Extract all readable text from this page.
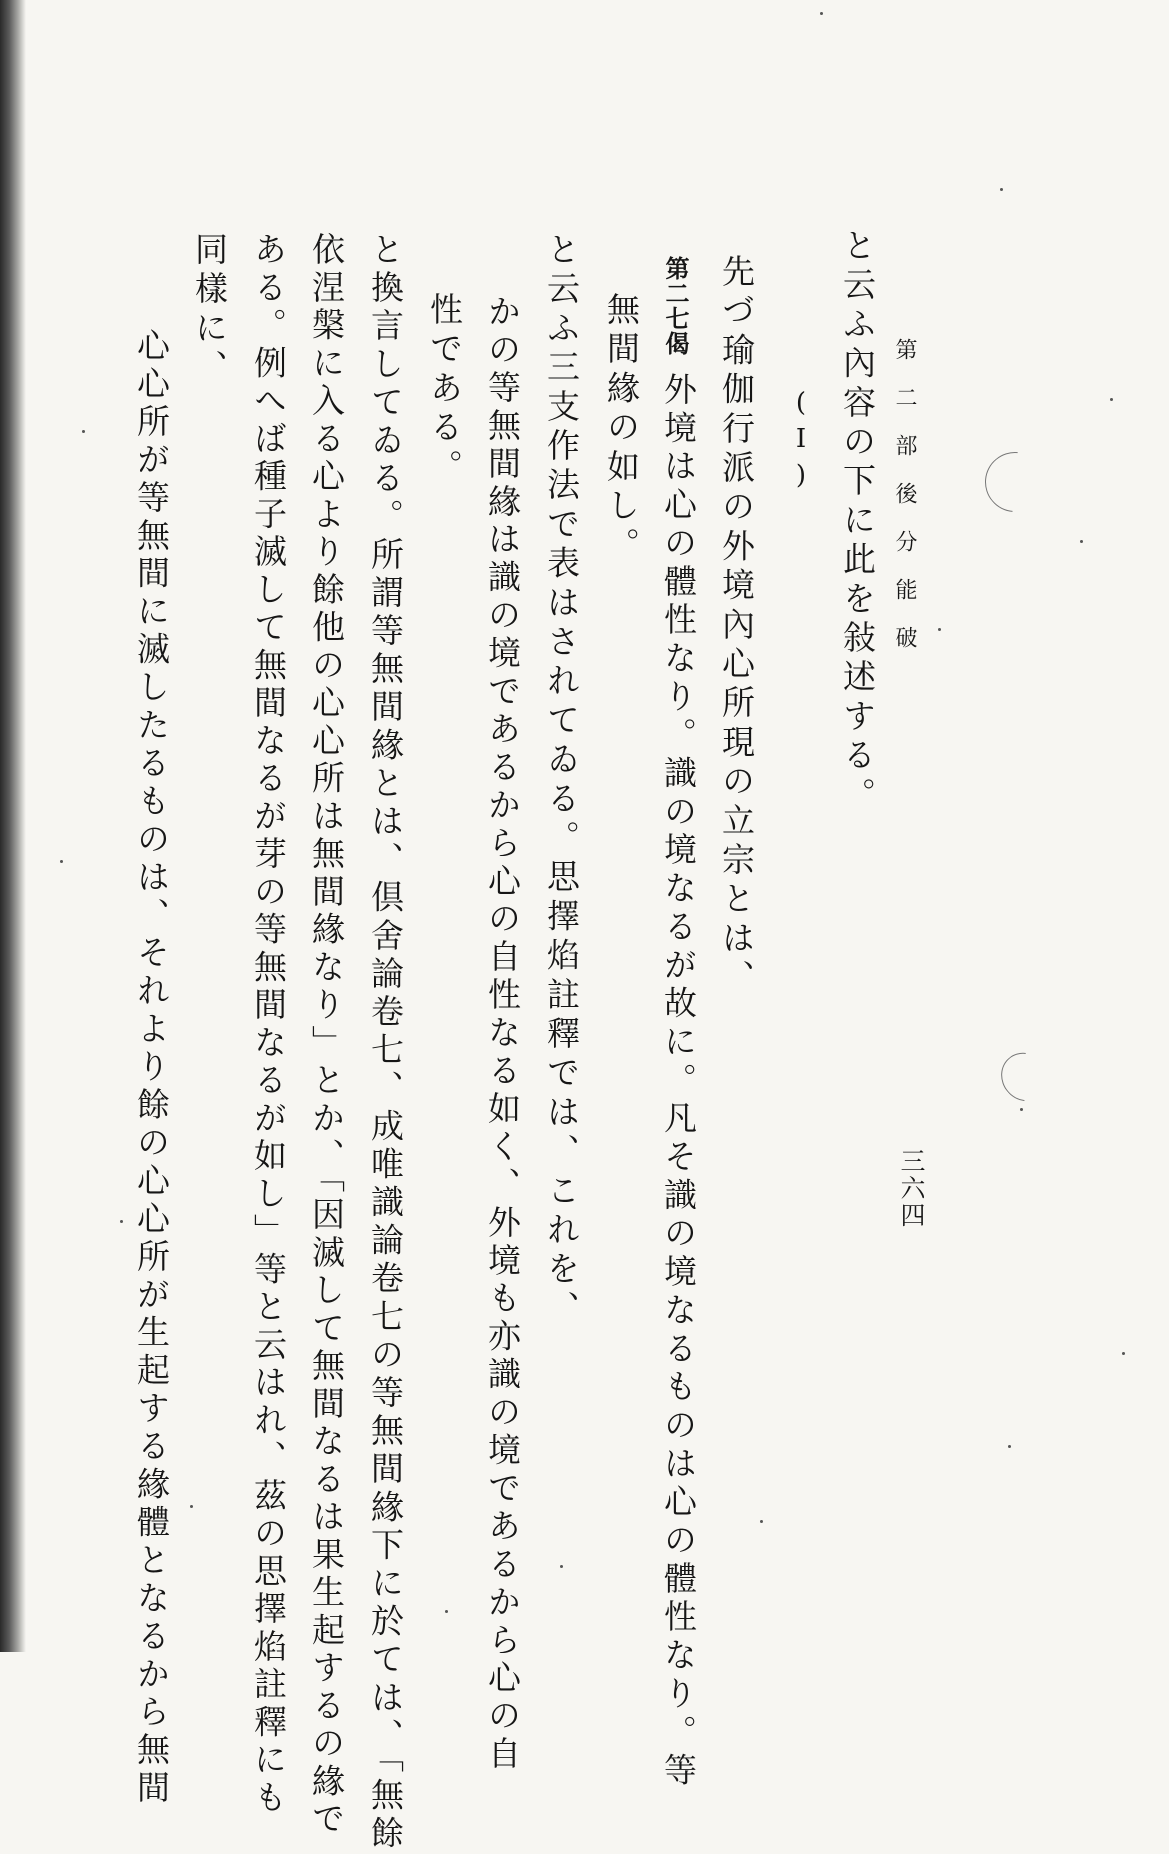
第二部後分能破
三六四
と云ふ內容の下に此を敍述する。
(Ⅰ)
先づ瑜伽行派の外境內心所現の立宗とは、
第二七偈
外境は心の體性なり。識の境なるが故に。凡そ識の境なるものは心の體性なり。等
無間緣の如し。
と云ふ三支作法で表はされてゐる。思擇焰註釋では、これを、
かの等無間緣は識の境であるから心の自性なる如く、外境も亦識の境であるから心の自
性である。
と換言してゐる。所謂等無間緣とは、倶舍論卷七、成唯識論卷七の等無間緣下に於ては、「無餘
依涅槃に入る心より餘他の心心所は無間緣なり」とか、「因滅して無間なるは果生起するの緣で
ある。例へば種子滅して無間なるが芽の等無間なるが如し」等と云はれ、茲の思擇焰註釋にも
同樣に、
心心所が等無間に滅したるものは、それより餘の心心所が生起する緣體となるから無間
